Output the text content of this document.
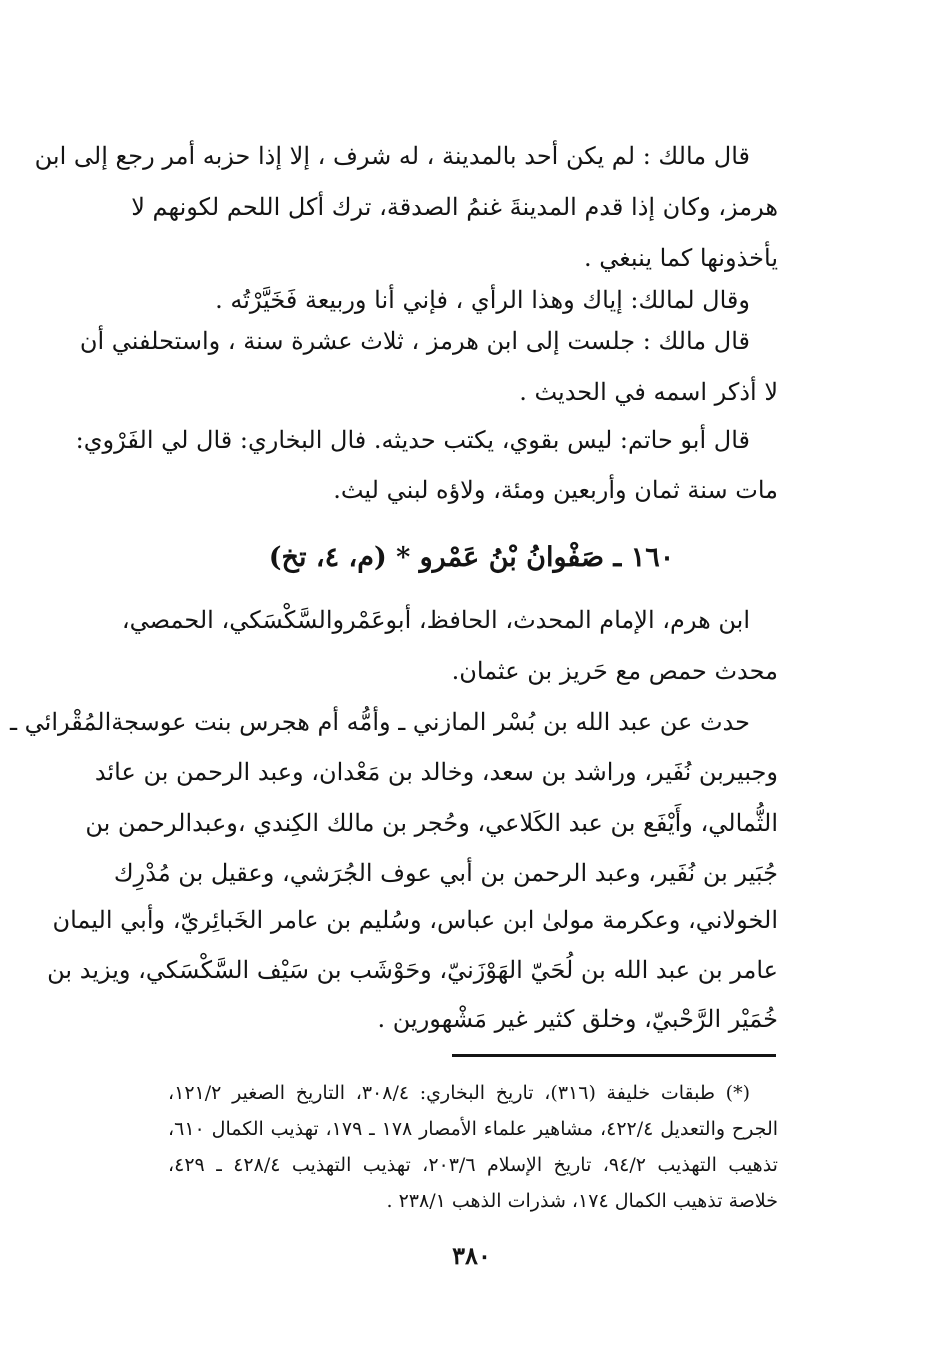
قال مالك : لم يكن أحد بالمدينة ، له شرف ، إلا إذا حزبه أمر رجع إلى ابن
هرمز، وكان إذا قدم المدينةَ غنمُ الصدقة، ترك أكل اللحم لكونهم لا
يأخذونها كما ينبغي .
وقال لمالك: إياك وهذا الرأي ، فإني أنا وربيعة فَخَيَّرْتُه .
قال مالك : جلست إلى ابن هرمز ، ثلاث عشرة سنة ، واستحلفني أن
لا أذكر اسمه في الحديث .
قال أبو حاتم: ليس بقوي، يكتب حديثه. فال البخاري: قال لي الفَرْوي:
مات سنة ثمان وأربعين ومئة، ولاؤه لبني ليث.
١٦٠ ـ صَفْوانُ بْنُ عَمْرو * (م، ٤، تخ)
ابن هرم، الإمام المحدث، الحافظ، أبوعَمْروالسَّكْسَكي، الحمصي،
محدث حمص مع حَريز بن عثمان.
حدث عن عبد الله بن بُسْر المازني ـ وأمُّه أم هجرس بنت عوسجةالمُقْرائي ـ
وجبيربن نُفَير، وراشد بن سعد، وخالد بن مَعْدان، وعبد الرحمن بن عائد
الثُّمالي، وأَيْفَع بن عبد الكَلاعي، وحُجر بن مالك الكِندي ،وعبدالرحمن بن
جُبَير بن نُفَير، وعبد الرحمن بن أبي عوف الجُرَشي، وعقيل بن مُدْرِك
الخولاني، وعكرمة مولىٰ ابن عباس، وسُليم بن عامر الخَبائِريّ، وأبي اليمان
عامر بن عبد الله بن لُحَيّ الهَوْزَنيّ، وحَوْشَب بن سَيْف السَّكْسَكي، ويزيد بن
خُمَيْر الرَّحْبيّ، وخلق كثير غير مَشْهورين .
(*) طبقات خليفة (٣١٦)، تاريخ البخاري: ٣٠٨/٤، التاريخ الصغير ١٢١/٢،
الجرح والتعديل ٤٢٢/٤، مشاهير علماء الأمصار ١٧٨ ـ ١٧٩، تهذيب الكمال ٦١٠،
تذهيب التهذيب ٩٤/٢، تاريخ الإسلام ٢٠٣/٦، تهذيب التهذيب ٤٢٨/٤ ـ ٤٢٩،
خلاصة تذهيب الكمال ١٧٤، شذرات الذهب ٢٣٨/١ .
٣٨٠
